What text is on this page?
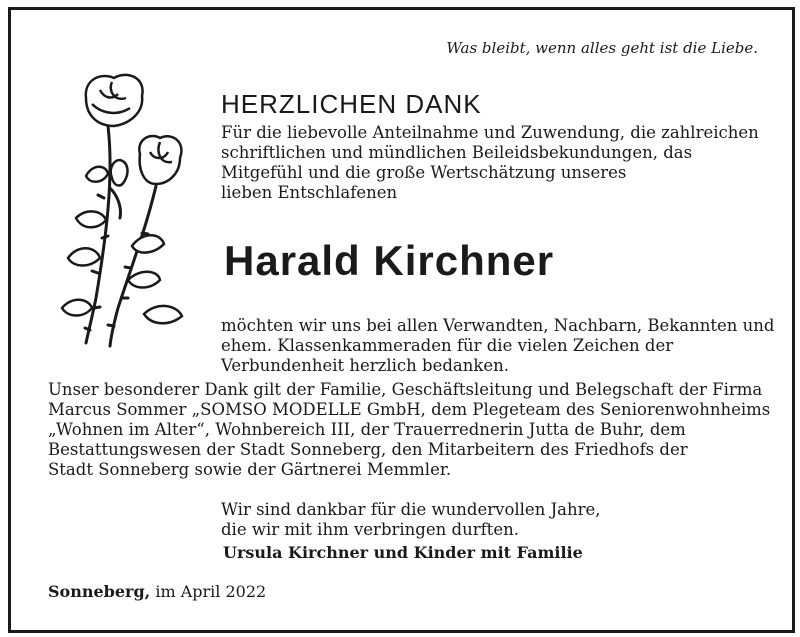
Was bleibt, wenn alles geht ist die Liebe.
HERZLICHEN DANK
Für die liebevolle Anteilnahme und Zuwendung, die zahlreichen
schriftlichen und mündlichen Beileidsbekundungen, das
Mitgefühl und die große Wertschätzung unseres
lieben Entschlafenen
Harald Kirchner
möchten wir uns bei allen Verwandten, Nachbarn, Bekannten und
ehem. Klassenkammeraden für die vielen Zeichen der
Verbundenheit herzlich bedanken.
Unser besonderer Dank gilt der Familie, Geschäftsleitung und Belegschaft der Firma
Marcus Sommer „SOMSO MODELLE GmbH, dem Plegeteam des Seniorenwohnheims
„Wohnen im Alter“, Wohnbereich III, der Trauerrednerin Jutta de Buhr, dem
Bestattungswesen der Stadt Sonneberg, den Mitarbeitern des Friedhofs der
Stadt Sonneberg sowie der Gärtnerei Memmler.
Wir sind dankbar für die wundervollen Jahre,
die wir mit ihm verbringen durften.
Ursula Kirchner und Kinder mit Familie
Sonneberg, im April 2022
